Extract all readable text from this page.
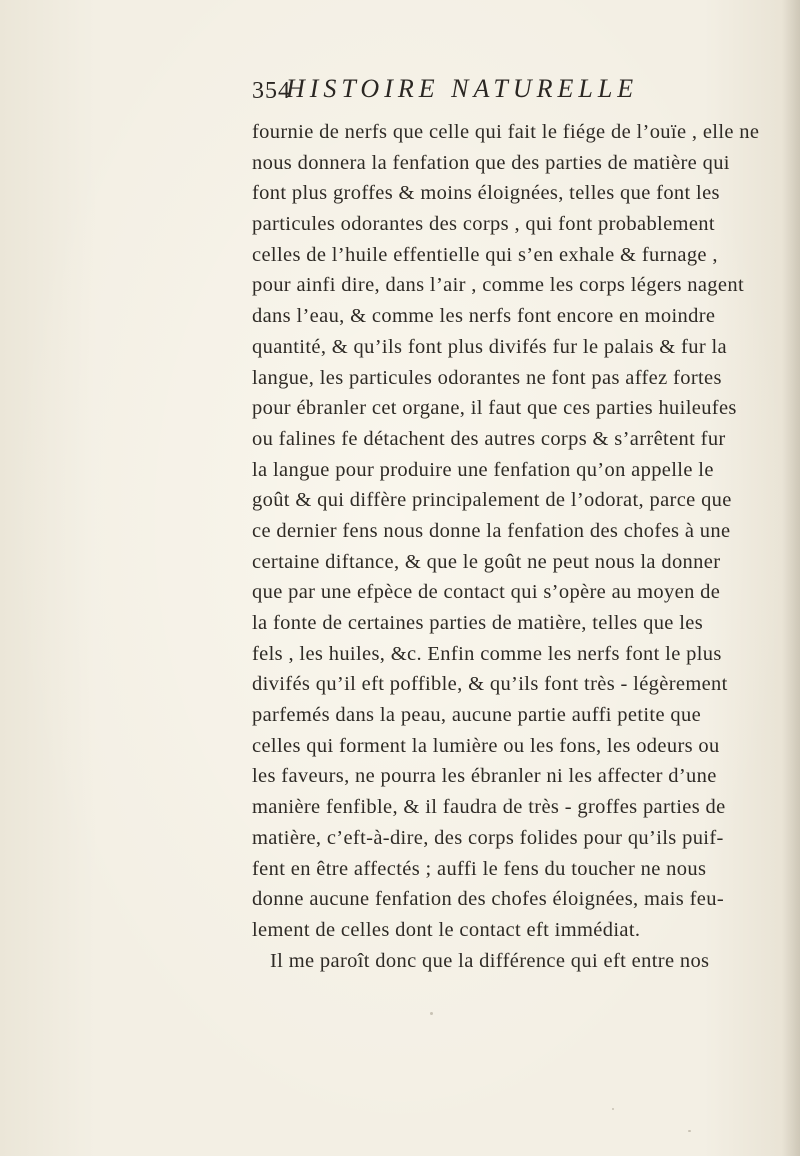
354
HISTOIRE NATURELLE
fournie de nerfs que celle qui fait le fiége de l’ouïe , elle ne
nous donnera la fenfation que des parties de matière qui
font plus groffes & moins éloignées, telles que font les
particules odorantes des corps , qui font probablement
celles de l’huile effentielle qui s’en exhale & furnage ,
pour ainfi dire, dans l’air , comme les corps légers nagent
dans l’eau, & comme les nerfs font encore en moindre
quantité, & qu’ils font plus divifés fur le palais & fur la
langue, les particules odorantes ne font pas affez fortes
pour ébranler cet organe, il faut que ces parties huileufes
ou falines fe détachent des autres corps & s’arrêtent fur
la langue pour produire une fenfation qu’on appelle le
goût & qui diffère principalement de l’odorat, parce que
ce dernier fens nous donne la fenfation des chofes à une
certaine diftance, & que le goût ne peut nous la donner
que par une efpèce de contact qui s’opère au moyen de
la fonte de certaines parties de matière, telles que les
fels , les huiles, &c. Enfin comme les nerfs font le plus
divifés qu’il eft poffible, & qu’ils font très - légèrement
parfemés dans la peau, aucune partie auffi petite que
celles qui forment la lumière ou les fons, les odeurs ou
les faveurs, ne pourra les ébranler ni les affecter d’une
manière fenfible, & il faudra de très - groffes parties de
matière, c’eft-à-dire, des corps folides pour qu’ils puif-
fent en être affectés ; auffi le fens du toucher ne nous
donne aucune fenfation des chofes éloignées, mais feu-
lement de celles dont le contact eft immédiat.
Il me paroît donc que la différence qui eft entre nos
